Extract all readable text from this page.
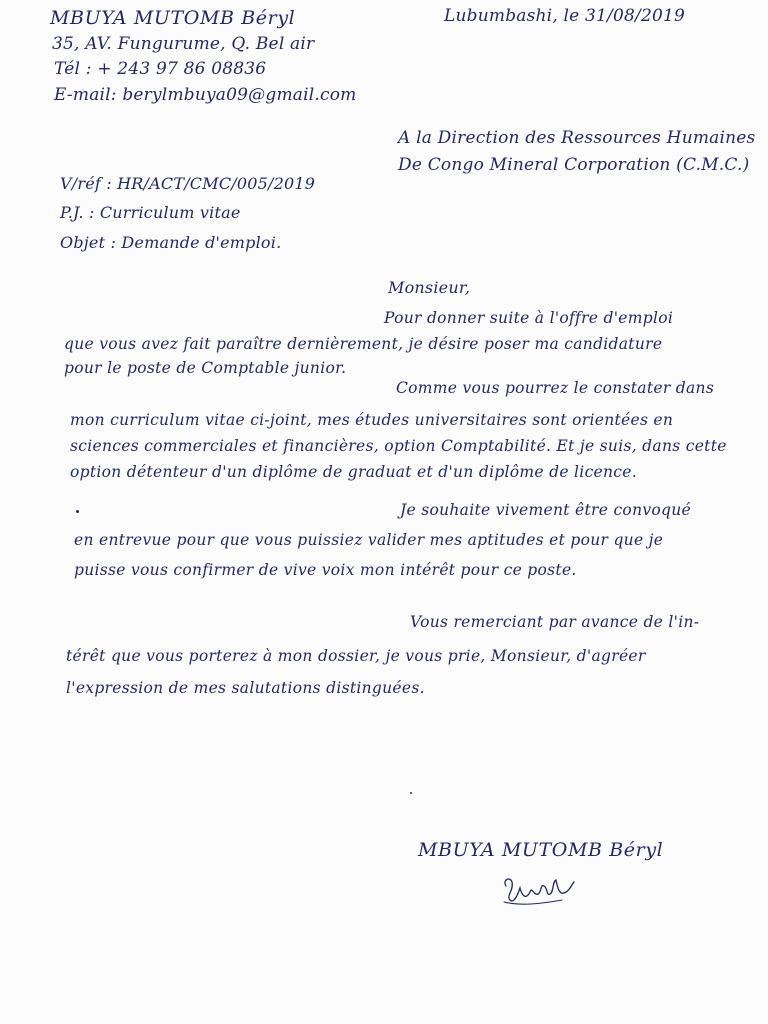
MBUYA MUTOMB Béryl
35, AV. Fungurume, Q. Bel air
Tél : + 243 97 86 08836
E-mail: berylmbuya09@gmail.com
Lubumbashi, le 31/08/2019
A la Direction des Ressources Humaines
De Congo Mineral Corporation (C.M.C.)
V/réf : HR/ACT/CMC/005/2019
P.J. : Curriculum vitae
Objet : Demande d'emploi.
Monsieur,
Pour donner suite à l'offre d'emploi
que vous avez fait paraître dernièrement, je désire poser ma candidature
pour le poste de Comptable junior.
Comme vous pourrez le constater dans
mon curriculum vitae ci-joint, mes études universitaires sont orientées en
sciences commerciales et financières, option Comptabilité. Et je suis, dans cette
option détenteur d'un diplôme de graduat et d'un diplôme de licence.
Je souhaite vivement être convoqué
en entrevue pour que vous puissiez valider mes aptitudes et pour que je
puisse vous confirmer de vive voix mon intérêt pour ce poste.
Vous remerciant par avance de l'in-
térêt que vous porterez à mon dossier, je vous prie, Monsieur, d'agréer
l'expression de mes salutations distinguées.
MBUYA MUTOMB Béryl
